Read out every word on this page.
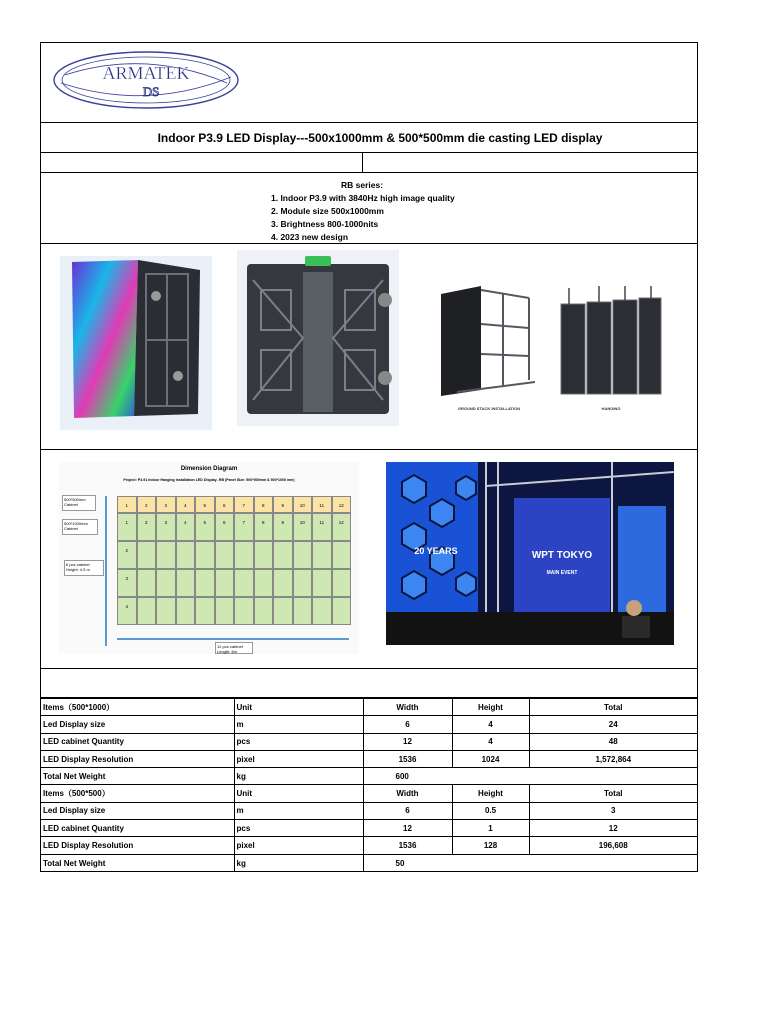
ARMATEK
DS
Indoor P3.9 LED Display---500x1000mm & 500*500mm die casting LED display
RB series:
1. Indoor P3.9 with 3840Hz high image quality
2. Module size 500x1000mm
3. Brightness 800-1000nits
4. 2023 new design
GROUND STACK INSTALLATION	HANGING
Dimension Diagram
Project: P3.91 Indoor Hanging Installation LED Display- RB (Panel Size: 500*500mm & 500*1000 mm)
1	2	3	4	5	6	7	8	9	10	11	12
1	2	3	4	5	6	7	8	9	10	11	12
2
3
4
500*500mm Cabinet
500*1000mm Cabinet
6 pcs cabinet Height: 4.5 m
12 pcs cabinet Length: 6m
20 YEARS	WPT TOKYO
MAIN EVENT
Items（500*1000）	Unit	Width	Height	Total
Led Display size	m	6	4	24
LED cabinet Quantity	pcs	12	4	48
LED Display Resolution	pixel	1536	1024	1,572,864
Total Net Weight	kg	600		
Items（500*500）	Unit	Width	Height	Total
Led Display size	m	6	0.5	3
LED cabinet Quantity	pcs	12	1	12
LED Display Resolution	pixel	1536	128	196,608
Total Net Weight	kg	50		
